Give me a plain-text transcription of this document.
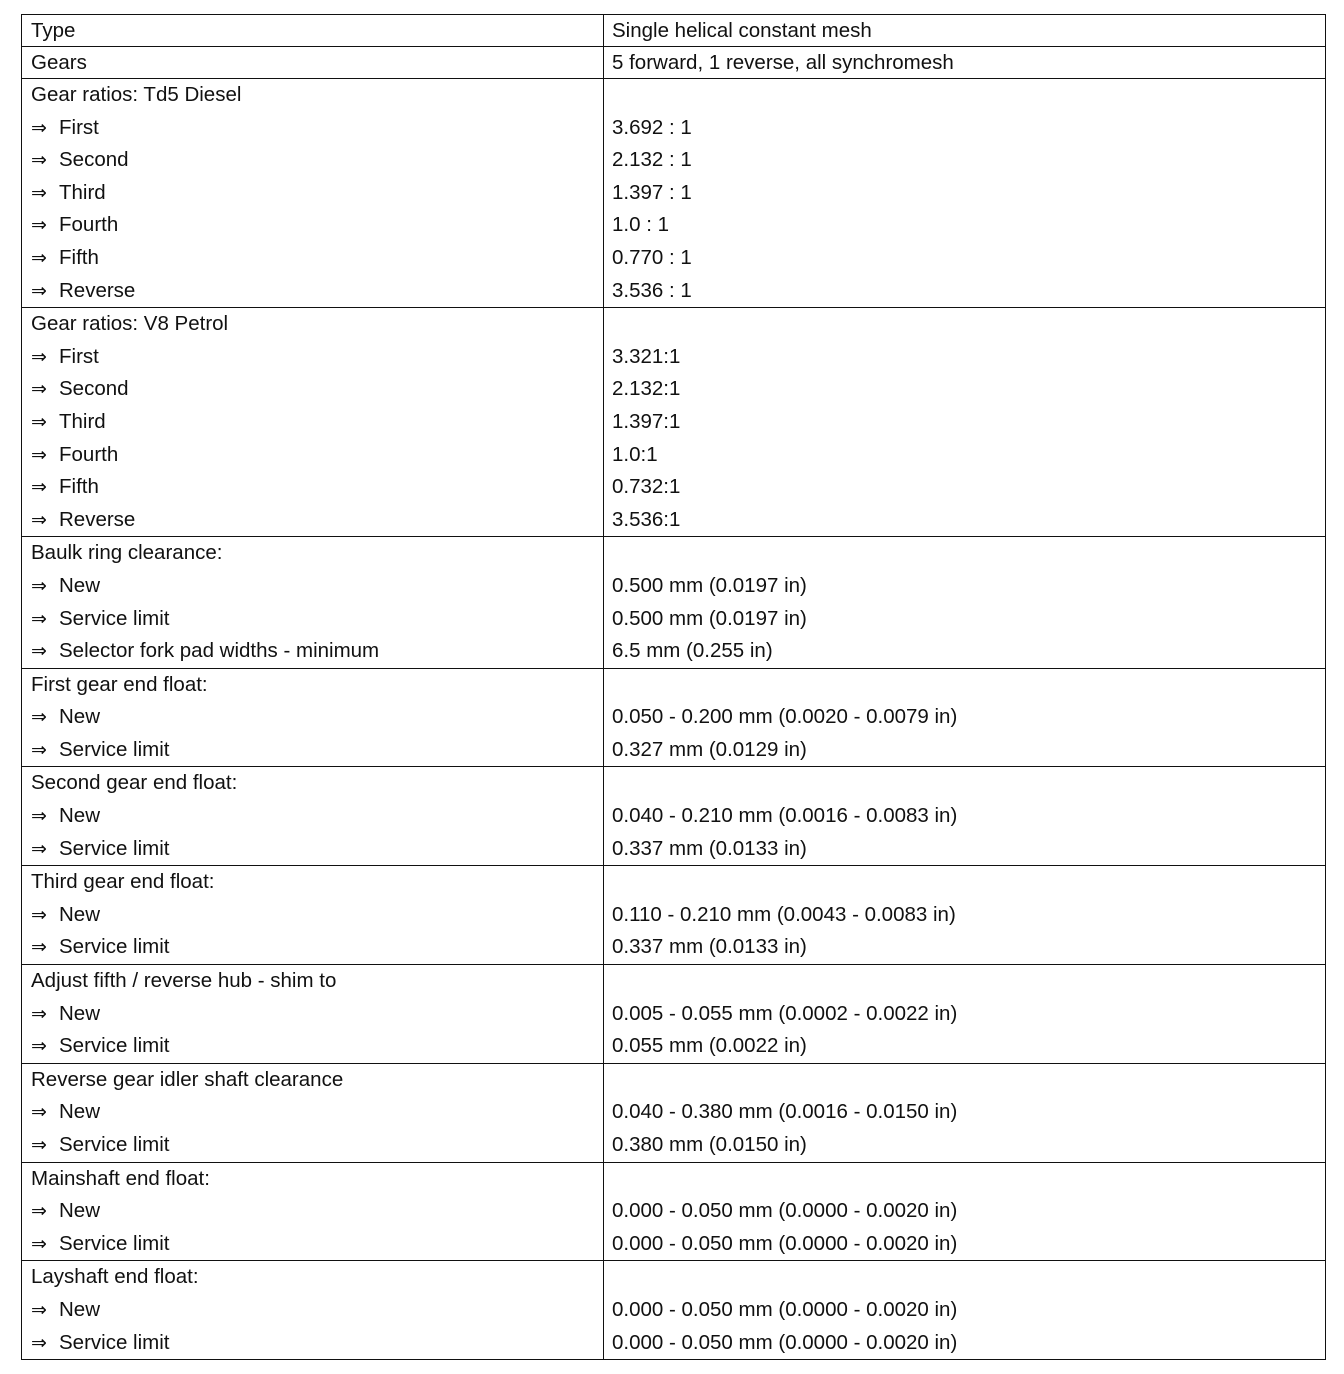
Type	Single helical constant mesh
Gears	5 forward, 1 reverse, all synchromesh
Gear ratios: Td5 Diesel
⇒ First
⇒ Second
⇒ Third
⇒ Fourth
⇒ Fifth
⇒ Reverse
3.692 : 1
2.132 : 1
1.397 : 1
1.0 : 1
0.770 : 1
3.536 : 1
Gear ratios: V8 Petrol
⇒ First
⇒ Second
⇒ Third
⇒ Fourth
⇒ Fifth
⇒ Reverse
3.321:1
2.132:1
1.397:1
1.0:1
0.732:1
3.536:1
Baulk ring clearance:
⇒ New
⇒ Service limit
⇒ Selector fork pad widths - minimum
0.500 mm (0.0197 in)
0.500 mm (0.0197 in)
6.5 mm (0.255 in)
First gear end float:
⇒ New
⇒ Service limit
0.050 - 0.200 mm (0.0020 - 0.0079 in)
0.327 mm (0.0129 in)
Second gear end float:
⇒ New
⇒ Service limit
0.040 - 0.210 mm (0.0016 - 0.0083 in)
0.337 mm (0.0133 in)
Third gear end float:
⇒ New
⇒ Service limit
0.110 - 0.210 mm (0.0043 - 0.0083 in)
0.337 mm (0.0133 in)
Adjust fifth / reverse hub - shim to
⇒ New
⇒ Service limit
0.005 - 0.055 mm (0.0002 - 0.0022 in)
0.055 mm (0.0022 in)
Reverse gear idler shaft clearance
⇒ New
⇒ Service limit
0.040 - 0.380 mm (0.0016 - 0.0150 in)
0.380 mm (0.0150 in)
Mainshaft end float:
⇒ New
⇒ Service limit
0.000 - 0.050 mm (0.0000 - 0.0020 in)
0.000 - 0.050 mm (0.0000 - 0.0020 in)
Layshaft end float:
⇒ New
⇒ Service limit
0.000 - 0.050 mm (0.0000 - 0.0020 in)
0.000 - 0.050 mm (0.0000 - 0.0020 in)
